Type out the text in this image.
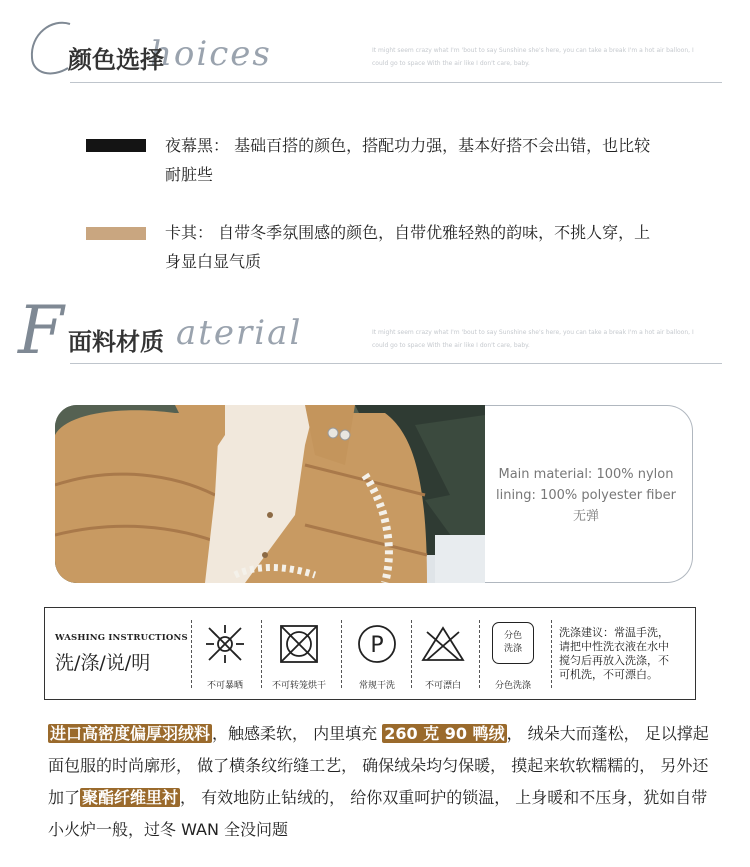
hoices
颜色选择	It might seem crazy what I'm 'bout to say Sunshine she's here, you can take a break I'm a hot air balloon, I
could go to space With the air like I don't care, baby.
夜幕黑： 基础百搭的颜色，搭配功力强，基本好搭不会出错，也比较
耐脏些
卡其： 自带冬季氛围感的颜色，自带优雅轻熟的韵味，不挑人穿，上
身显白显气质
F	aterial
面料材质	It might seem crazy what I'm 'bout to say Sunshine she's here, you can take a break I'm a hot air balloon, I
could go to space With the air like I don't care, baby.
Main material: 100% nylon
lining: 100% polyester fiber
无弹
WASHING INSTRUCTIONS
洗/涤/说/明
不可暴晒	不可转笼烘干
P
常规干洗	不可漂白
分色
洗涤
分色洗涤
洗涤建议：常温手洗，
请把中性洗衣液在水中
搅匀后再放入洗涤，不
可机洗，不可漂白。
进口高密度偏厚羽绒料 ，触感柔软， 内里填充 260 克 90 鸭绒 ， 绒朵大而蓬松， 足以撑起面包服的时尚廓形， 做了横条纹绗缝工艺， 确保绒朵均匀保暖， 摸起来软软糯糯的， 另外还加了 聚酯纤维里衬 ， 有效地防止钻绒的， 给你双重呵护的锁温， 上身暖和不压身，犹如自带小火炉一般，过冬 WAN 全没问题
